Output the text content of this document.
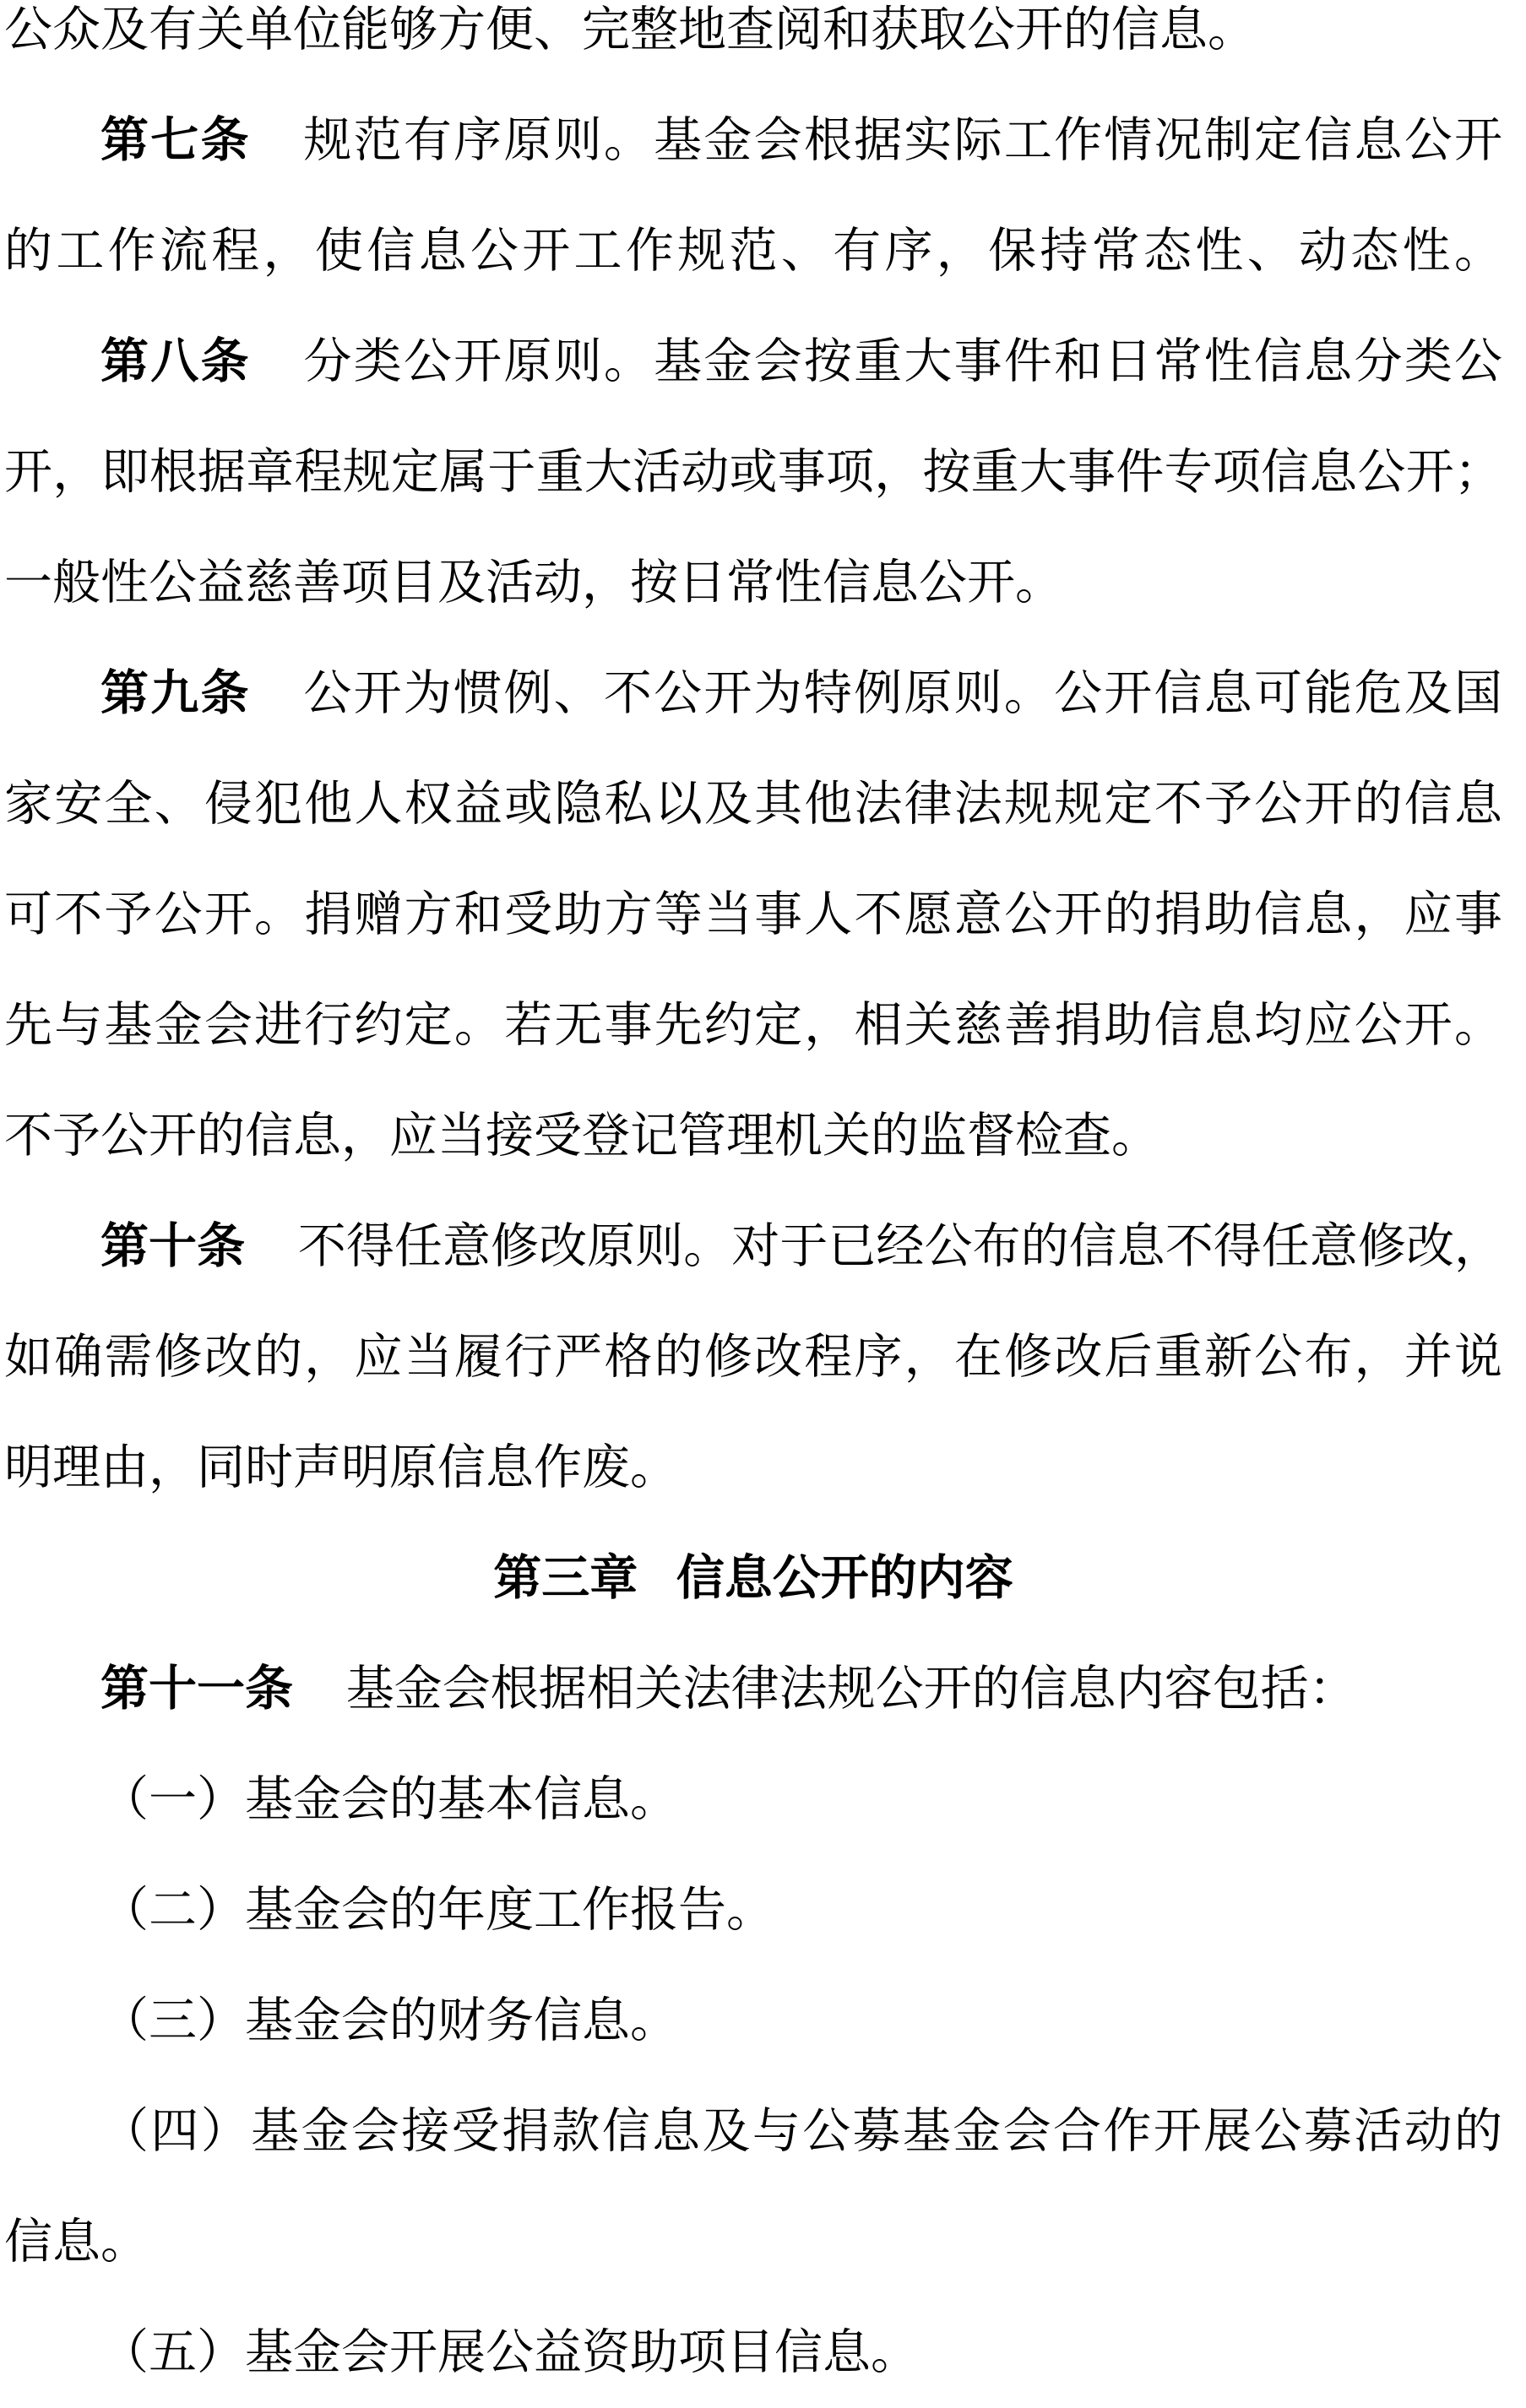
公众及有关单位能够方便、完整地查阅和获取公开的信息。
第七条 规范有序原则。基金会根据实际工作情况制定信息公开
的工作流程，使信息公开工作规范、有序，保持常态性、动态性。
第八条 分类公开原则。基金会按重大事件和日常性信息分类公
开，即根据章程规定属于重大活动或事项，按重大事件专项信息公开；
一般性公益慈善项目及活动，按日常性信息公开。
第九条 公开为惯例、不公开为特例原则。公开信息可能危及国
家安全、侵犯他人权益或隐私以及其他法律法规规定不予公开的信息
可不予公开。捐赠方和受助方等当事人不愿意公开的捐助信息，应事
先与基金会进行约定。若无事先约定，相关慈善捐助信息均应公开。
不予公开的信息，应当接受登记管理机关的监督检查。
第十条 不得任意修改原则。对于已经公布的信息不得任意修改，
如确需修改的，应当履行严格的修改程序，在修改后重新公布，并说
明理由，同时声明原信息作废。
第三章 信息公开的内容
第十一条 基金会根据相关法律法规公开的信息内容包括：
（一）基金会的基本信息。
（二）基金会的年度工作报告。
（三）基金会的财务信息。
（四）基金会接受捐款信息及与公募基金会合作开展公募活动的
信息。
（五）基金会开展公益资助项目信息。
